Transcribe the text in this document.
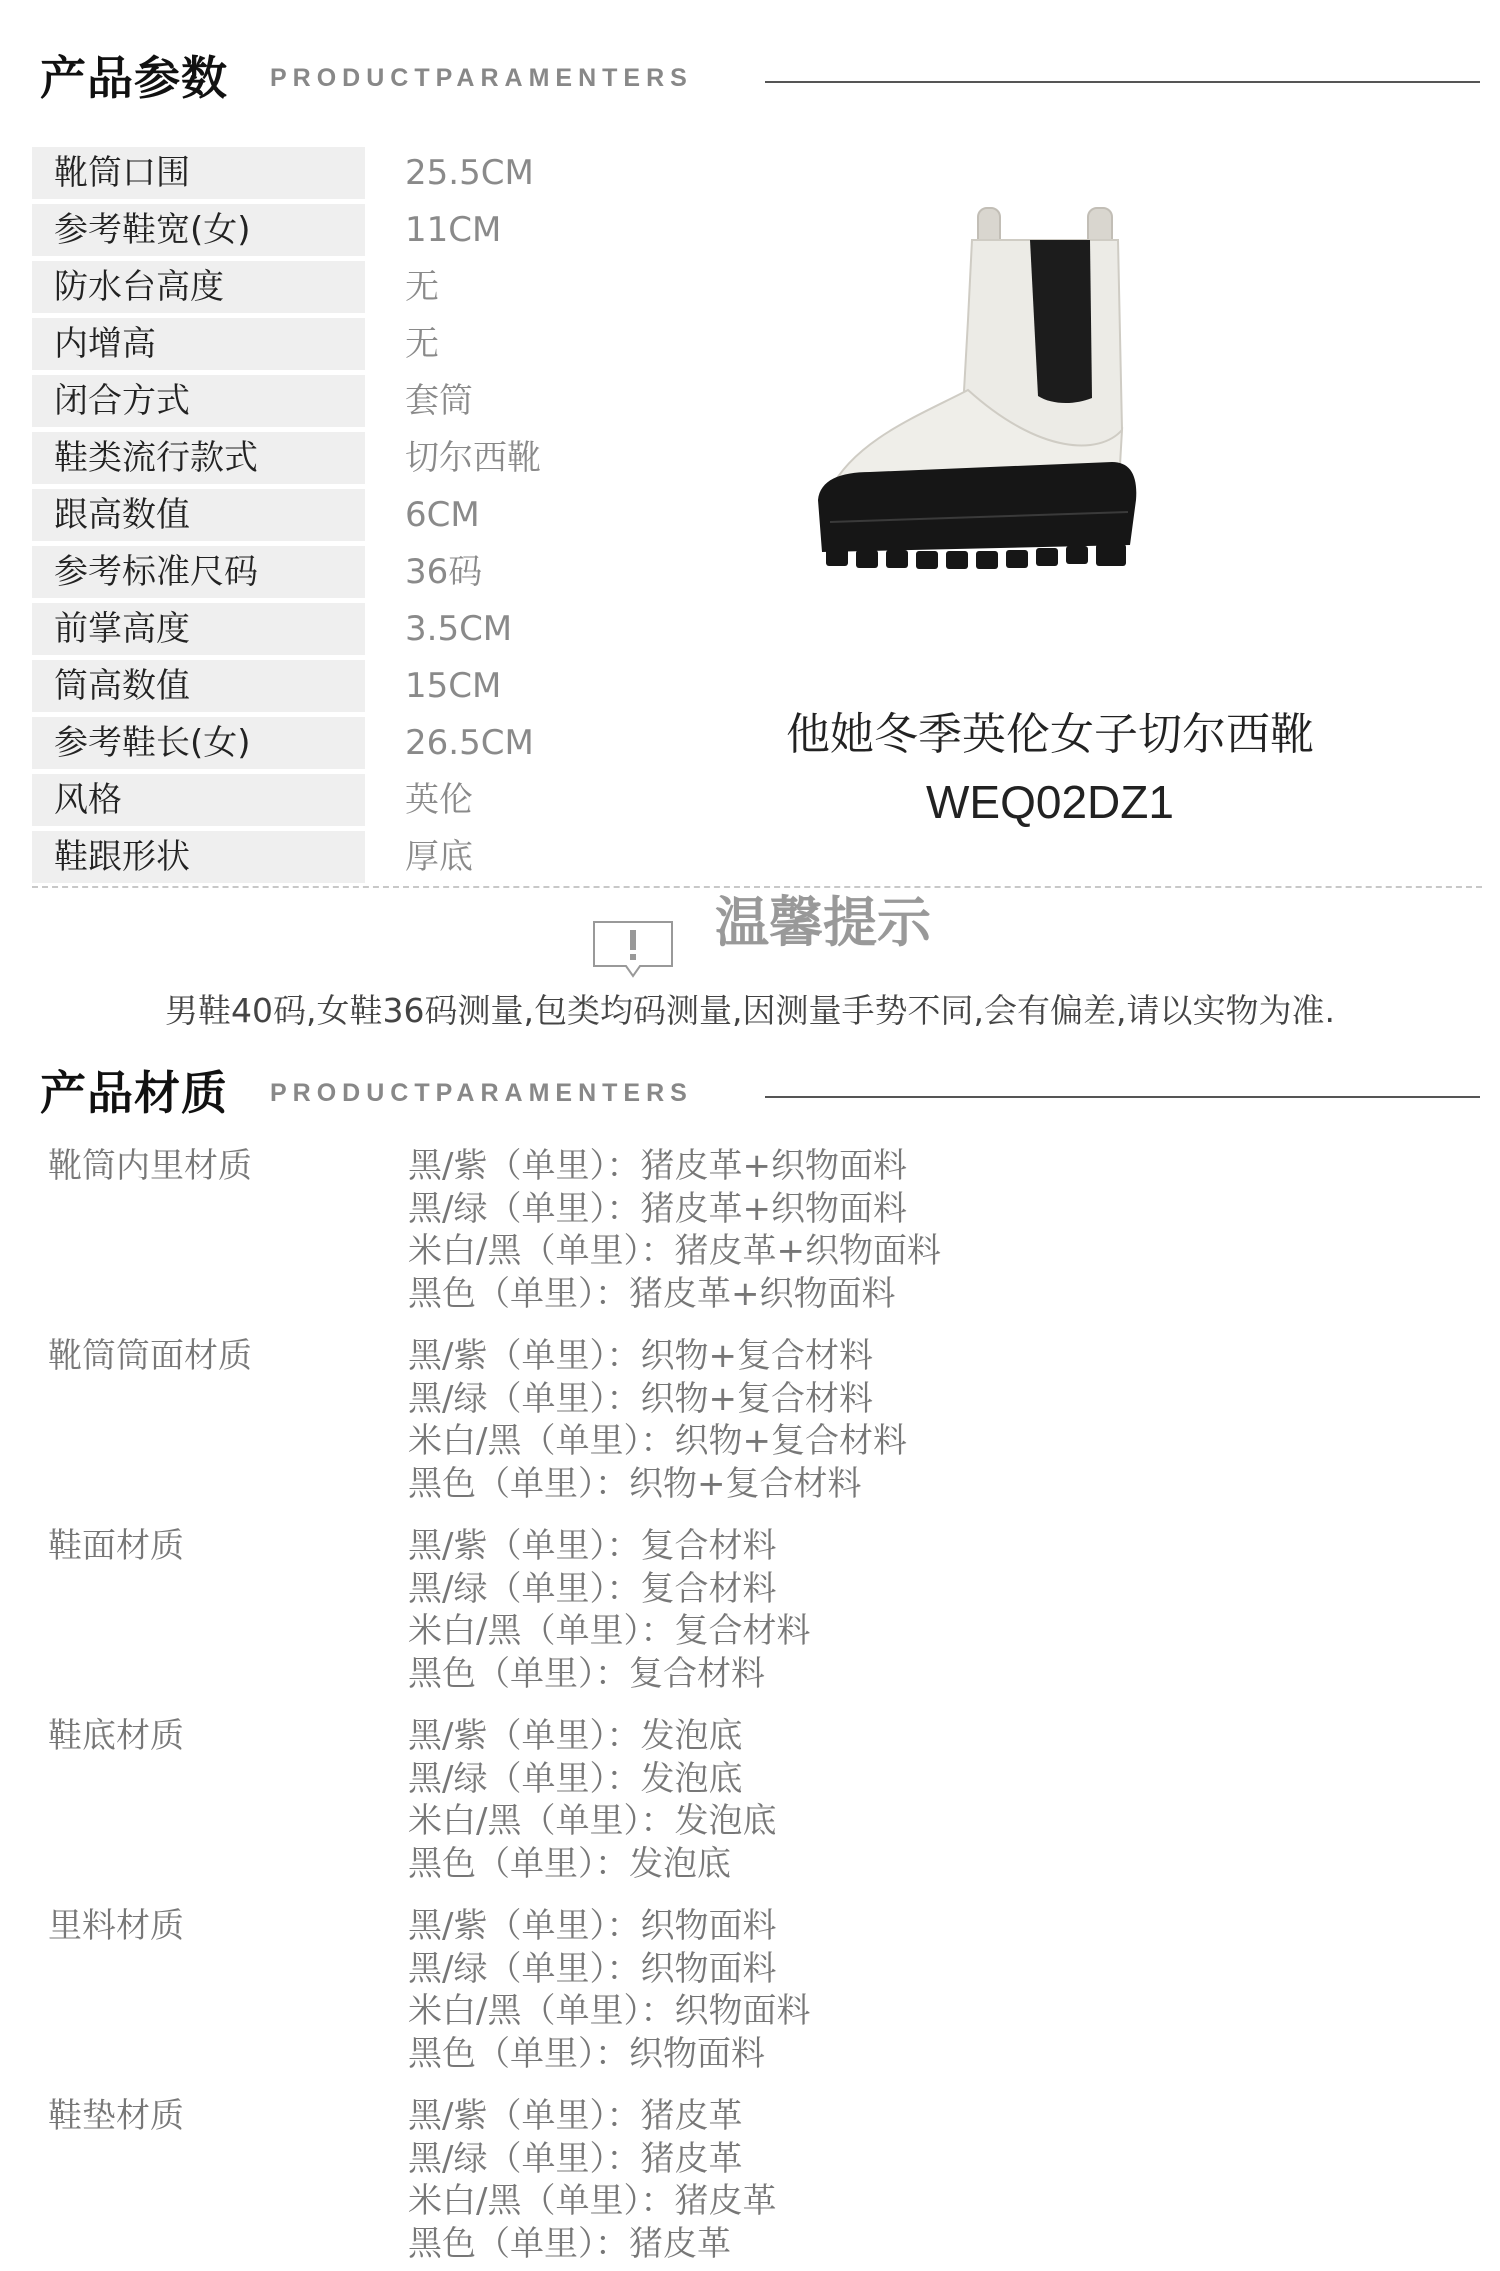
产品参数 PRODUCTPARAMENTERS
靴筒口围	25.5CM
参考鞋宽(女)	11CM
防水台高度	无
内增高	无
闭合方式	套筒
鞋类流行款式	切尔西靴
跟高数值	6CM
参考标准尺码	36码
前掌高度	3.5CM
筒高数值	15CM
参考鞋长(女)	26.5CM
风格	英伦
鞋跟形状	厚底
他她冬季英伦女子切尔西靴
WEQ02DZ1
温馨提示
男鞋40码,女鞋36码测量,包类均码测量,因测量手势不同,会有偏差,请以实物为准.
产品材质 PRODUCTPARAMENTERS
靴筒内里材质	黑/紫（单里）：猪皮革+织物面料
黑/绿（单里）：猪皮革+织物面料
米白/黑（单里）：猪皮革+织物面料
黑色（单里）：猪皮革+织物面料
靴筒筒面材质	黑/紫（单里）：织物+复合材料
黑/绿（单里）：织物+复合材料
米白/黑（单里）：织物+复合材料
黑色（单里）：织物+复合材料
鞋面材质	黑/紫（单里）：复合材料
黑/绿（单里）：复合材料
米白/黑（单里）：复合材料
黑色（单里）：复合材料
鞋底材质	黑/紫（单里）：发泡底
黑/绿（单里）：发泡底
米白/黑（单里）：发泡底
黑色（单里）：发泡底
里料材质	黑/紫（单里）：织物面料
黑/绿（单里）：织物面料
米白/黑（单里）：织物面料
黑色（单里）：织物面料
鞋垫材质	黑/紫（单里）：猪皮革
黑/绿（单里）：猪皮革
米白/黑（单里）：猪皮革
黑色（单里）：猪皮革
